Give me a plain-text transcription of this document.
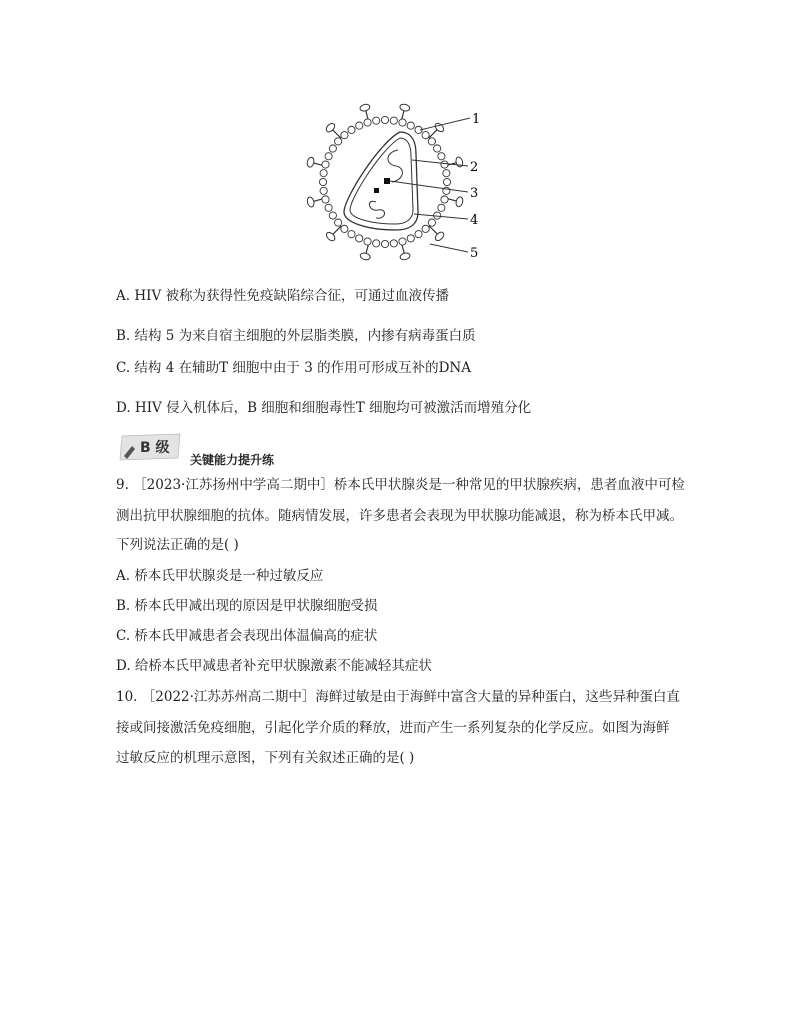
1
2
3
4
5
A. HIV 被称为获得性免疫缺陷综合征，可通过血液传播
B. 结构 5 为来自宿主细胞的外层脂类膜，内掺有病毒蛋白质
C. 结构 4 在辅助T 细胞中由于 3 的作用可形成互补的DNA
D. HIV 侵入机体后，B 细胞和细胞毒性T 细胞均可被激活而增殖分化
B 级
关键能力提升练
9. ［2023·江苏扬州中学高二期中］桥本氏甲状腺炎是一种常见的甲状腺疾病，患者血液中可检
测出抗甲状腺细胞的抗体。随病情发展，许多患者会表现为甲状腺功能减退，称为桥本氏甲减。
下列说法正确的是( )
A. 桥本氏甲状腺炎是一种过敏反应
B. 桥本氏甲减出现的原因是甲状腺细胞受损
C. 桥本氏甲减患者会表现出体温偏高的症状
D. 给桥本氏甲减患者补充甲状腺激素不能减轻其症状
10. ［2022·江苏苏州高二期中］海鲜过敏是由于海鲜中富含大量的异种蛋白，这些异种蛋白直
接或间接激活免疫细胞，引起化学介质的释放，进而产生一系列复杂的化学反应。如图为海鲜
过敏反应的机理示意图，下列有关叙述正确的是( )
